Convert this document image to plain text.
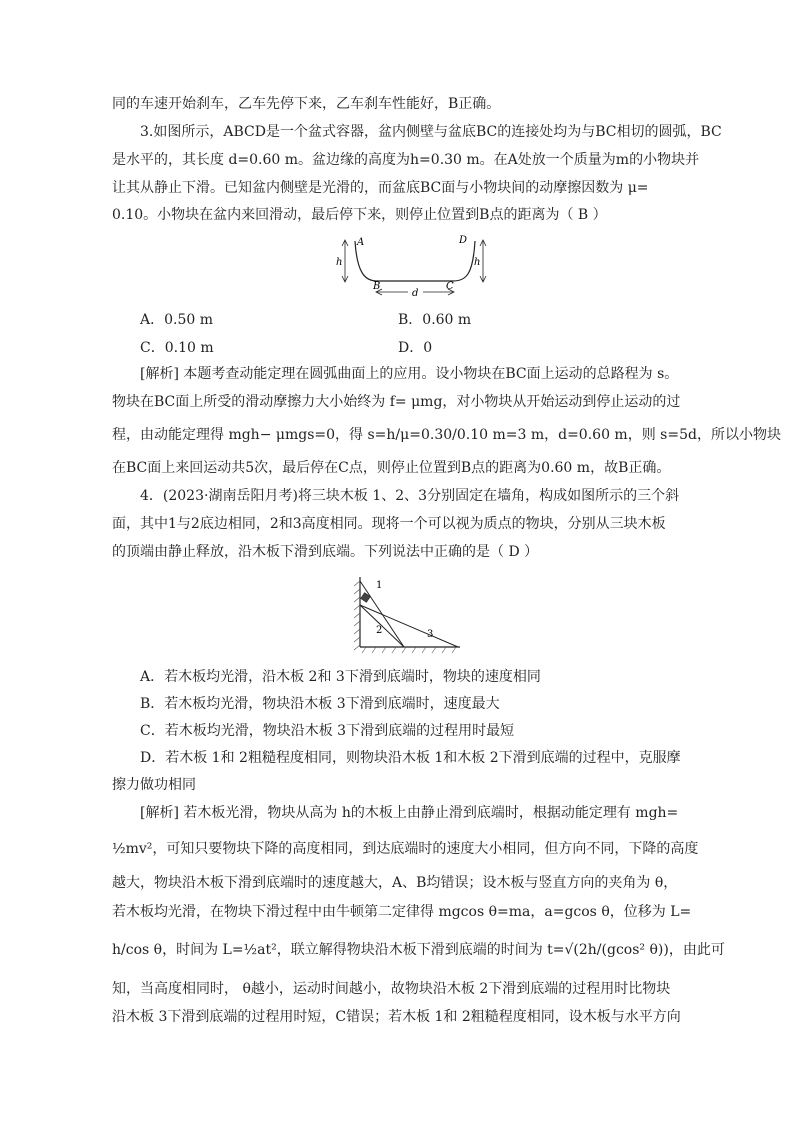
同的车速开始刹车，乙车先停下来，乙车刹车性能好，B正确。
3.如图所示，ABCD是一个盆式容器，盆内侧壁与盆底BC的连接处均为与BC相切的圆弧，BC
是水平的，其长度 d=0.60 m。盆边缘的高度为h=0.30 m。在A处放一个质量为m的小物块并
让其从静止下滑。已知盆内侧壁是光滑的，而盆底BC面与小物块间的动摩擦因数为 μ=
0.10。小物块在盆内来回滑动，最后停下来，则停止位置到B点的距离为（ B ）
A	D
B	C
h	h
d
A．0.50 m	B．0.60 m
C．0.10 m	D．0
[解析] 本题考查动能定理在圆弧曲面上的应用。设小物块在BC面上运动的总路程为 s。
物块在BC面上所受的滑动摩擦力大小始终为 f= μmg，对小物块从开始运动到停止运动的过
程，由动能定理得 mgh− μmgs=0，得 s=h/μ=0.30/0.10 m=3 m，d=0.60 m，则 s=5d，所以小物块
在BC面上来回运动共5次，最后停在C点，则停止位置到B点的距离为0.60 m，故B正确。
4．(2023·湖南岳阳月考)将三块木板 1、2、3分别固定在墙角，构成如图所示的三个斜
面，其中1与2底边相同，2和3高度相同。现将一个可以视为质点的物块，分别从三块木板
的顶端由静止释放，沿木板下滑到底端。下列说法中正确的是（ D ）
1
2	3
A．若木板均光滑，沿木板 2和 3下滑到底端时，物块的速度相同
B．若木板均光滑，物块沿木板 3下滑到底端时，速度最大
C．若木板均光滑，物块沿木板 3下滑到底端的过程用时最短
D．若木板 1和 2粗糙程度相同，则物块沿木板 1和木板 2下滑到底端的过程中，克服摩
擦力做功相同
[解析] 若木板光滑，物块从高为 h的木板上由静止滑到底端时，根据动能定理有 mgh=
½mv²，可知只要物块下降的高度相同，到达底端时的速度大小相同，但方向不同，下降的高度
越大，物块沿木板下滑到底端时的速度越大，A、B均错误；设木板与竖直方向的夹角为 θ，
若木板均光滑，在物块下滑过程中由牛顿第二定律得 mgcos θ=ma，a=gcos θ，位移为 L=
h/cos θ，时间为 L=½at²，联立解得物块沿木板下滑到底端的时间为 t=√(2h/(gcos² θ))，由此可
知，当高度相同时， θ越小，运动时间越小，故物块沿木板 2下滑到底端的过程用时比物块
沿木板 3下滑到底端的过程用时短，C错误；若木板 1和 2粗糙程度相同，设木板与水平方向
